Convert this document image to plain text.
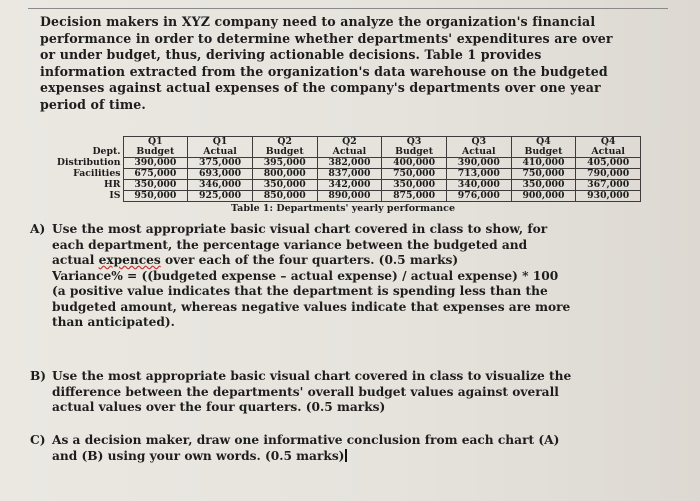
Decision makers in XYZ company need to analyze the organization's financial
performance in order to determine whether departments' expenditures are over
or under budget, thus, deriving actionable decisions. Table 1 provides
information extracted from the organization's data warehouse on the budgeted
expenses against actual expenses of the company's departments over one year
period of time.
	Q1	Q1	Q2	Q2	Q3	Q3	Q4	Q4
Dept.	Budget	Actual	Budget	Actual	Budget	Actual	Budget	Actual
Distribution	390,000	375,000	395,000	382,000	400,000	390,000	410,000	405,000
Facilities	675,000	693,000	800,000	837,000	750,000	713,000	750,000	790,000
HR	350,000	346,000	350,000	342,000	350,000	340,000	350,000	367,000
IS	950,000	925,000	850,000	890,000	875,000	976,000	900,000	930,000
Table 1: Departments' yearly performance
A) Use the most appropriate basic visual chart covered in class to show, for
each department, the percentage variance between the budgeted and
actual expences over each of the four quarters. (0.5 marks)
Variance% = ((budgeted expense – actual expense) / actual expense) * 100
(a positive value indicates that the department is spending less than the
budgeted amount, whereas negative values indicate that expenses are more
than anticipated).
B) Use the most appropriate basic visual chart covered in class to visualize the
difference between the departments' overall budget values against overall
actual values over the four quarters. (0.5 marks)
C) As a decision maker, draw one informative conclusion from each chart (A)
and (B) using your own words. (0.5 marks)
